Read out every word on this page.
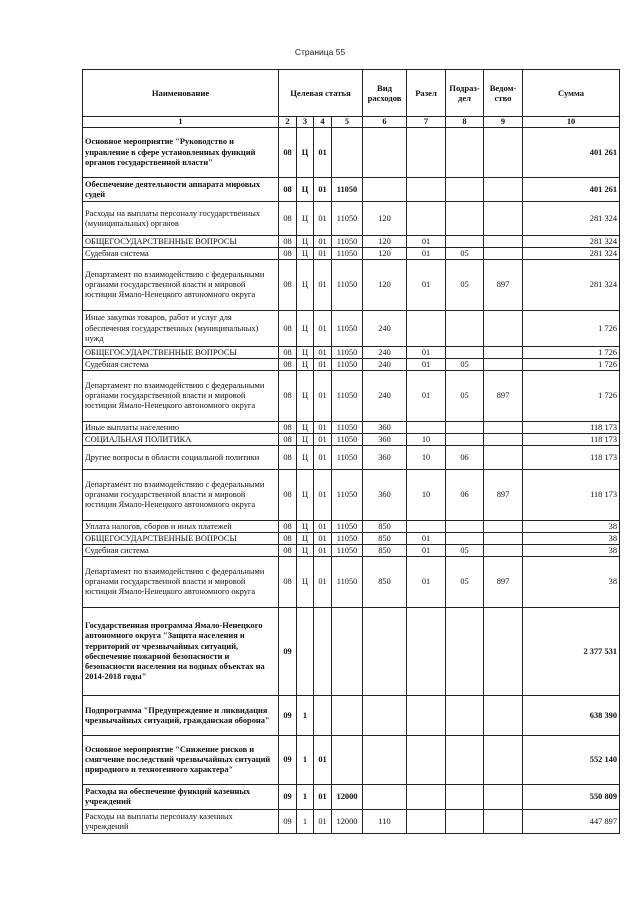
Страница 55
Наименование	Целевая статья				Вид расходов	Разел	Подраз-дел	Ведом-ство	Сумма
1	2	3	4	5	6	7	8	9	10
Основное мероприятие "Руководство и управление в сфере установленных функций органов государственной власти"	08	Ц	01						401 261
Обеспечение деятельности аппарата мировых судей	08	Ц	01	11050					401 261
Расходы на выплаты персоналу государственных (муниципальных) органов	08	Ц	01	11050	120				281 324
ОБЩЕГОСУДАРСТВЕННЫЕ ВОПРОСЫ	08	Ц	01	11050	120	01			281 324
Судебная система	08	Ц	01	11050	120	01	05		281 324
Департамент по взаимодействию с федеральными органами государственной власти и мировой юстиции Ямало-Ненецкого автономного округа	08	Ц	01	11050	120	01	05	897	281 324
Иные закупки товаров, работ и услуг для обеспечения государственных (муниципальных) нужд	08	Ц	01	11050	240				1 726
ОБЩЕГОСУДАРСТВЕННЫЕ ВОПРОСЫ	08	Ц	01	11050	240	01			1 726
Судебная система	08	Ц	01	11050	240	01	05		1 726
Департамент по взаимодействию с федеральными органами государственной власти и мировой юстиции Ямало-Ненецкого автономного округа	08	Ц	01	11050	240	01	05	897	1 726
Иные выплаты населению	08	Ц	01	11050	360				118 173
СОЦИАЛЬНАЯ ПОЛИТИКА	08	Ц	01	11050	360	10			118 173
Другие вопросы в области социальной политики	08	Ц	01	11050	360	10	06		118 173
Департамент по взаимодействию с федеральными органами государственной власти и мировой юстиции Ямало-Ненецкого автономного округа	08	Ц	01	11050	360	10	06	897	118 173
Уплата налогов, сборов и иных платежей	08	Ц	01	11050	850				38
ОБЩЕГОСУДАРСТВЕННЫЕ ВОПРОСЫ	08	Ц	01	11050	850	01			38
Судебная система	08	Ц	01	11050	850	01	05		38
Департамент по взаимодействию с федеральными органами государственной власти и мировой юстиции Ямало-Ненецкого автономного округа	08	Ц	01	11050	850	01	05	897	38
Государственная программа Ямало-Ненецкого автономного округа "Защита населения и территорий от чрезвычайных ситуаций, обеспечение пожарной безопасности и безопасности населения на водных объектах на 2014-2018 годы"	09								2 377 531
Подпрограмма "Предупреждение и ликвидация чрезвычайных ситуаций, гражданская оборона"	09	1							638 390
Основное мероприятие "Снижение рисков и смягчение последствий чрезвычайных ситуаций природного и техногенного характера"	09	1	01						552 140
Расходы на обеспечение функций казенных учреждений	09	1	01	12000					550 809
Расходы на выплаты персоналу казенных учреждений	09	1	01	12000	110				447 897
